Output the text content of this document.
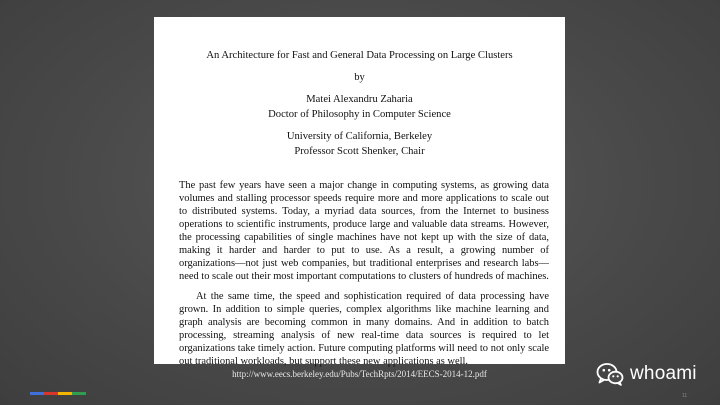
An Architecture for Fast and General Data Processing on Large Clusters
by
Matei Alexandru Zaharia
Doctor of Philosophy in Computer Science
University of California, Berkeley
Professor Scott Shenker, Chair

The past few years have seen a major change in computing systems, as growing data volumes and stalling processor speeds require more and more applications to scale out to distributed systems. Today, a myriad data sources, from the Internet to business operations to scientific instruments, produce large and valuable data streams. However, the processing capabilities of single machines have not kept up with the size of data, making it harder and harder to put to use. As a result, a growing number of organizations—not just web companies, but traditional enterprises and research labs—need to scale out their most important computations to clusters of hundreds of machines.

At the same time, the speed and sophistication required of data processing have grown. In addition to simple queries, complex algorithms like machine learning and graph analysis are becoming common in many domains. And in addition to batch processing, streaming analysis of new real-time data sources is required to let organizations take timely action. Future computing platforms will need to not only scale out traditional workloads, but support these new applications as well.

http://www.eecs.berkeley.edu/Pubs/TechRpts/2014/EECS-2014-12.pdf	whoami
11
